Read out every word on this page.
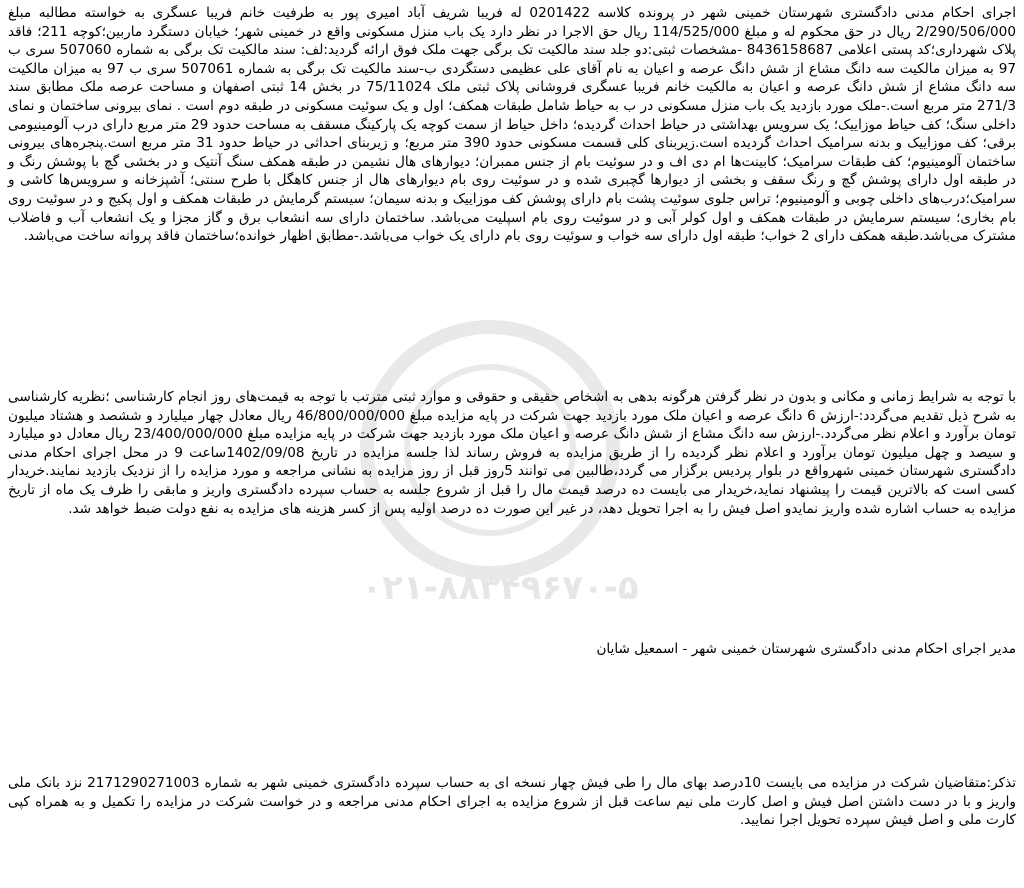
۰۲۱-۸۸۳۴۹۶۷۰-۵
اجرای احکام مدنی دادگستری شهرستان خمینی شهر در پرونده کلاسه 0201422 له فریبا شریف آباد امیری پور به طرفیت خانم فریبا عسگری به خواسته مطالبه مبلغ 2/290/506/000 ریال در حق محکوم له و مبلغ 114/525/000 ریال حق الاجرا در نظر دارد یک باب منزل مسکونی واقع در خمینی شهر؛ خیابان دستگرد ماربین؛کوچه 211؛ فاقد پلاک شهرداری؛کد پستی اعلامی 8436158687 -مشخصات ثبتی:دو جلد سند مالکیت تک برگی جهت ملک فوق ارائه گردید:لف: سند مالکیت تک برگی به شماره 507060 سری ب 97 به میزان مالکیت سه دانگ مشاع از شش دانگ عرصه و اعیان به نام آقای علی عظیمی دستگردی ب-سند مالکیت تک برگی به شماره 507061 سری ب 97 به میزان مالکیت سه دانگ مشاع از شش دانگ عرصه و اعیان به مالکیت خانم فریبا عسگری فروشانی پلاک ثبتی ملک 75/11024 در بخش 14 ثبتی اصفهان و مساحت عرصه ملک مطابق سند 271/3 متر مربع است.-ملک مورد بازدید یک باب منزل مسکونی در ب به حیاط شامل طبقات همکف؛ اول و یک سوئیت مسکونی در طبقه دوم است . نمای بیرونی ساختمان و نمای داخلی سنگ؛ کف حیاط موزاییک؛ یک سرویس بهداشتی در حیاط احداث گردیده؛ داخل حیاط از سمت کوچه یک پارکینگ مسقف به مساحت حدود 29 متر مربع دارای درب آلومینیومی برقی؛ کف موزاییک و بدنه سرامیک احداث گردیده است.زیربنای کلی قسمت مسکونی حدود 390 متر مربع؛ و زیربنای احداثی در حیاط حدود 31 متر مربع است.پنجره‌های بیرونی ساختمان آلومینیوم؛ کف طبقات سرامیک؛ کابینت‌ها ام دی اف و در سوئیت بام از جنس ممبران؛ دیوارهای هال نشیمن در طبقه همکف سنگ آنتیک و در بخشی گچ با پوشش رنگ و در طبقه اول دارای پوشش گچ و رنگ سقف و بخشی از دیوارها گچبری شده و در سوئیت روی بام دیوارهای هال از جنس کاهگل با طرح سنتی؛ آشپزخانه و سرویس‌ها کاشی و سرامیک؛درب‌های داخلی چوبی و آلومینیوم؛ تراس جلوی سوئیت پشت بام دارای پوشش کف موزاییک و بدنه سیمان؛ سیستم گرمایش در طبقات همکف و اول پکیج و در سوئیت روی بام بخاری؛ سیستم سرمایش در طبقات همکف و اول کولر آبی و در سوئیت روی بام اسپلیت می‌باشد. ساختمان دارای سه انشعاب برق و گاز مجزا و یک انشعاب آب و فاضلاب مشترک می‌باشد.طبقه همکف دارای 2 خواب؛ طبقه اول دارای سه خواب و سوئیت روی بام دارای یک خواب می‌باشد.-مطابق اظهار خوانده؛ساختمان فاقد پروانه ساخت می‌باشد.
با توجه به شرایط زمانی و مکانی و بدون در نظر گرفتن هرگونه بدهی به اشخاص حقیقی و حقوقی و موارد ثبتی مترتب با توجه به قیمت‌های روز انجام کارشناسی ؛نظریه کارشناسی به شرح ذیل تقدیم می‌گردد:-ارزش 6 دانگ عرصه و اعیان ملک مورد بازدید جهت شرکت در پایه مزایده مبلغ 46/800/000/000 ریال معادل چهار میلیارد و ششصد و هشتاد میلیون تومان برآورد و اعلام نظر می‌گردد.-ارزش سه دانگ مشاع از شش دانگ عرصه و اعیان ملک مورد بازدید جهت شرکت در پایه مزایده مبلغ 23/400/000/000 ریال معادل دو میلیارد و سیصد و چهل میلیون تومان برآورد و اعلام نظر گردیده را از طریق مزایده به فروش رساند لذا جلسه مزایده در تاریخ 1402/09/08ساعت 9 در محل اجرای احکام مدنی دادگستری شهرستان خمینی شهرواقع در بلوار پردیس برگزار می گردد،طالبین می توانند 5روز قبل از روز مزایده به نشانی مراجعه و مورد مزایده را از نزدیک بازدید نمایند.خریدار کسی است که بالاترین قیمت را پیشنهاد نماید،خریدار می بایست ده درصد قیمت مال را قبل از شروع جلسه به حساب سپرده دادگستری واریز و مابقی را ظرف یک ماه از تاریخ مزایده به حساب اشاره شده واریز نمایدو اصل فیش را به اجرا تحویل دهد، در غیر این صورت ده درصد اولیه پس از کسر هزینه های مزایده به نفع دولت ضبط خواهد شد.
مدیر اجرای احکام مدنی دادگستری شهرستان خمینی شهر - اسمعیل شایان
تذکر:متقاضیان شرکت در مزایده می بایست 10درصد بهای مال را طی فیش چهار نسخه ای به حساب سپرده دادگستری خمینی شهر به شماره 2171290271003 نزد بانک ملی واریز و با در دست داشتن اصل فیش و اصل کارت ملی نیم ساعت قبل از شروع مزایده به اجرای احکام مدنی مراجعه و در خواست شرکت در مزایده را تکمیل و به همراه کپی کارت ملی و اصل فیش سپرده تحویل اجرا نمایید.
